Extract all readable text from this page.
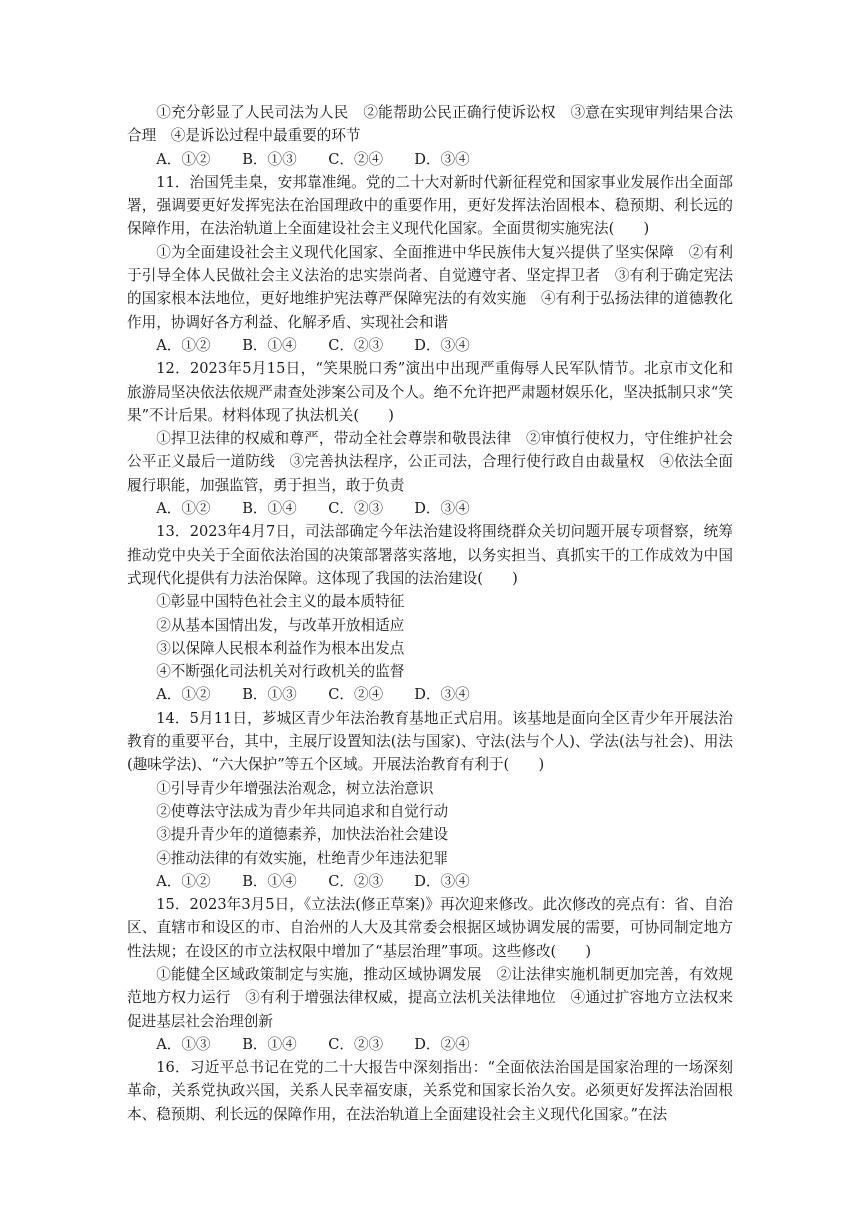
①充分彰显了人民司法为人民　②能帮助公民正确行使诉讼权　③意在实现审判结果合法合理　④是诉讼过程中最重要的环节
A．①② B．①③ C．②④ D．③④
11．治国凭圭臬，安邦靠准绳。党的二十大对新时代新征程党和国家事业发展作出全面部署，强调要更好发挥宪法在治国理政中的重要作用，更好发挥法治固根本、稳预期、利长远的保障作用，在法治轨道上全面建设社会主义现代化国家。全面贯彻实施宪法(　　)
①为全面建设社会主义现代化国家、全面推进中华民族伟大复兴提供了坚实保障　②有利于引导全体人民做社会主义法治的忠实崇尚者、自觉遵守者、坚定捍卫者　③有利于确定宪法的国家根本法地位，更好地维护宪法尊严保障宪法的有效实施　④有利于弘扬法律的道德教化作用，协调好各方利益、化解矛盾、实现社会和谐
A．①② B．①④ C．②③ D．③④
12．2023年5月15日，“笑果脱口秀”演出中出现严重侮辱人民军队情节。北京市文化和旅游局坚决依法依规严肃查处涉案公司及个人。绝不允许把严肃题材娱乐化，坚决抵制只求“笑果”不计后果。材料体现了执法机关(　　)
①捍卫法律的权威和尊严，带动全社会尊崇和敬畏法律　②审慎行使权力，守住维护社会公平正义最后一道防线　③完善执法程序，公正司法，合理行使行政自由裁量权　④依法全面履行职能，加强监管，勇于担当，敢于负责
A．①② B．①④ C．②③ D．③④
13．2023年4月7日，司法部确定今年法治建设将围绕群众关切问题开展专项督察，统筹推动党中央关于全面依法治国的决策部署落实落地，以务实担当、真抓实干的工作成效为中国式现代化提供有力法治保障。这体现了我国的法治建设(　　)
①彰显中国特色社会主义的最本质特征
②从基本国情出发，与改革开放相适应
③以保障人民根本利益作为根本出发点
④不断强化司法机关对行政机关的监督
A．①② B．①③ C．②④ D．③④
14．5月11日，芗城区青少年法治教育基地正式启用。该基地是面向全区青少年开展法治教育的重要平台，其中，主展厅设置知法(法与国家)、守法(法与个人)、学法(法与社会)、用法(趣味学法)、“六大保护”等五个区域。开展法治教育有利于(　　)
①引导青少年增强法治观念，树立法治意识
②使尊法守法成为青少年共同追求和自觉行动
③提升青少年的道德素养，加快法治社会建设
④推动法律的有效实施，杜绝青少年违法犯罪
A．①② B．①④ C．②③ D．③④
15．2023年3月5日，《立法法(修正草案)》再次迎来修改。此次修改的亮点有：省、自治区、直辖市和设区的市、自治州的人大及其常委会根据区域协调发展的需要，可协同制定地方性法规；在设区的市立法权限中增加了“基层治理”事项。这些修改(　　)
①能健全区域政策制定与实施，推动区域协调发展　②让法律实施机制更加完善，有效规范地方权力运行　③有利于增强法律权威，提高立法机关法律地位　④通过扩容地方立法权来促进基层社会治理创新
A．①③ B．①④ C．②③ D．②④
16．习近平总书记在党的二十大报告中深刻指出：“全面依法治国是国家治理的一场深刻革命，关系党执政兴国，关系人民幸福安康，关系党和国家长治久安。必须更好发挥法治固根本、稳预期、利长远的保障作用，在法治轨道上全面建设社会主义现代化国家。”在法
